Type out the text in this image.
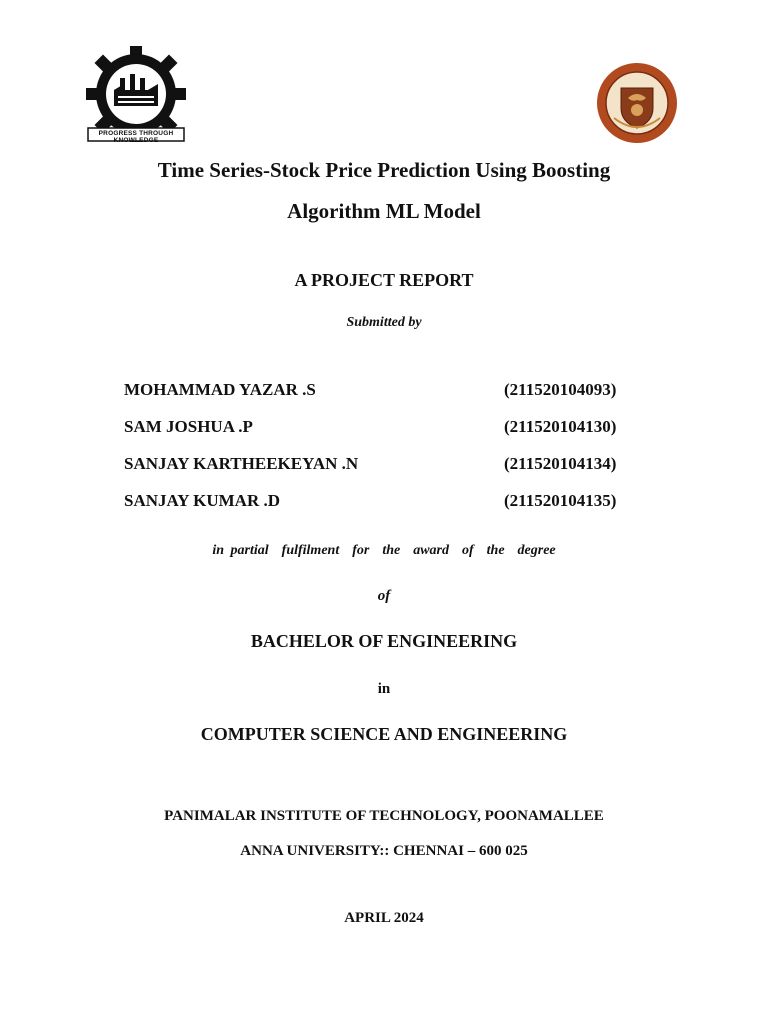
PROGRESS THROUGH KNOWLEDGE
Time Series-Stock Price Prediction Using Boosting
Algorithm ML Model
A PROJECT REPORT
Submitted by
MOHAMMAD YAZAR .S	(211520104093)
SAM JOSHUA .P	(211520104130)
SANJAY KARTHEEKEYAN .N	(211520104134)
SANJAY KUMAR .D	(211520104135)
in partial  fulfilment  for  the  award  of  the  degree
of
BACHELOR OF ENGINEERING
in
COMPUTER SCIENCE AND ENGINEERING
PANIMALAR INSTITUTE OF TECHNOLOGY, POONAMALLEE
ANNA UNIVERSITY:: CHENNAI – 600 025
APRIL 2024
